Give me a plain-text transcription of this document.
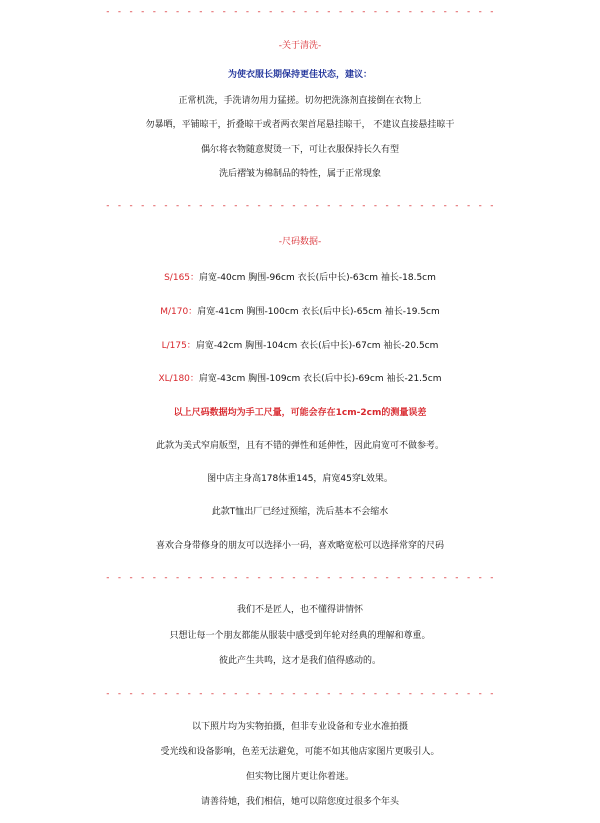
- - - - - - - - - - - - - - - - - - - - - - - - - - - - - - - - - -
-关于清洗-
为使衣服长期保持更佳状态，建议：
正常机洗，手洗请勿用力猛搓。切勿把洗涤剂直接倒在衣物上
勿暴晒，平铺晾干，折叠晾干或者两衣架首尾悬挂晾干， 不建议直接悬挂晾干
偶尔将衣物随意熨烫一下，可让衣服保持长久有型
洗后褶皱为棉制品的特性，属于正常现象
- - - - - - - - - - - - - - - - - - - - - - - - - - - - - - - - - -
-尺码数据-
S/165：肩宽-40cm 胸围-96cm 衣长(后中长)-63cm 袖长-18.5cm
M/170：肩宽-41cm 胸围-100cm 衣长(后中长)-65cm 袖长-19.5cm
L/175：肩宽-42cm 胸围-104cm 衣长(后中长)-67cm 袖长-20.5cm
XL/180：肩宽-43cm 胸围-109cm 衣长(后中长)-69cm 袖长-21.5cm
以上尺码数据均为手工尺量，可能会存在1cm-2cm的测量误差
此款为美式窄肩版型，且有不错的弹性和延伸性，因此肩宽可不做参考。
图中店主身高178体重145，肩宽45穿L效果。
此款T恤出厂已经过预缩，洗后基本不会缩水
喜欢合身带修身的朋友可以选择小一码，喜欢略宽松可以选择常穿的尺码
- - - - - - - - - - - - - - - - - - - - - - - - - - - - - - - - - -
我们不是匠人，也不懂得讲情怀
只想让每一个朋友都能从服装中感受到年轮对经典的理解和尊重。
彼此产生共鸣，这才是我们值得感动的。
- - - - - - - - - - - - - - - - - - - - - - - - - - - - - - - - - -
以下照片均为实物拍摄，但非专业设备和专业水准拍摄
受光线和设备影响，色差无法避免，可能不如其他店家图片更吸引人。
但实物比图片更让你着迷。
请善待她，我们相信，她可以陪您度过很多个年头
